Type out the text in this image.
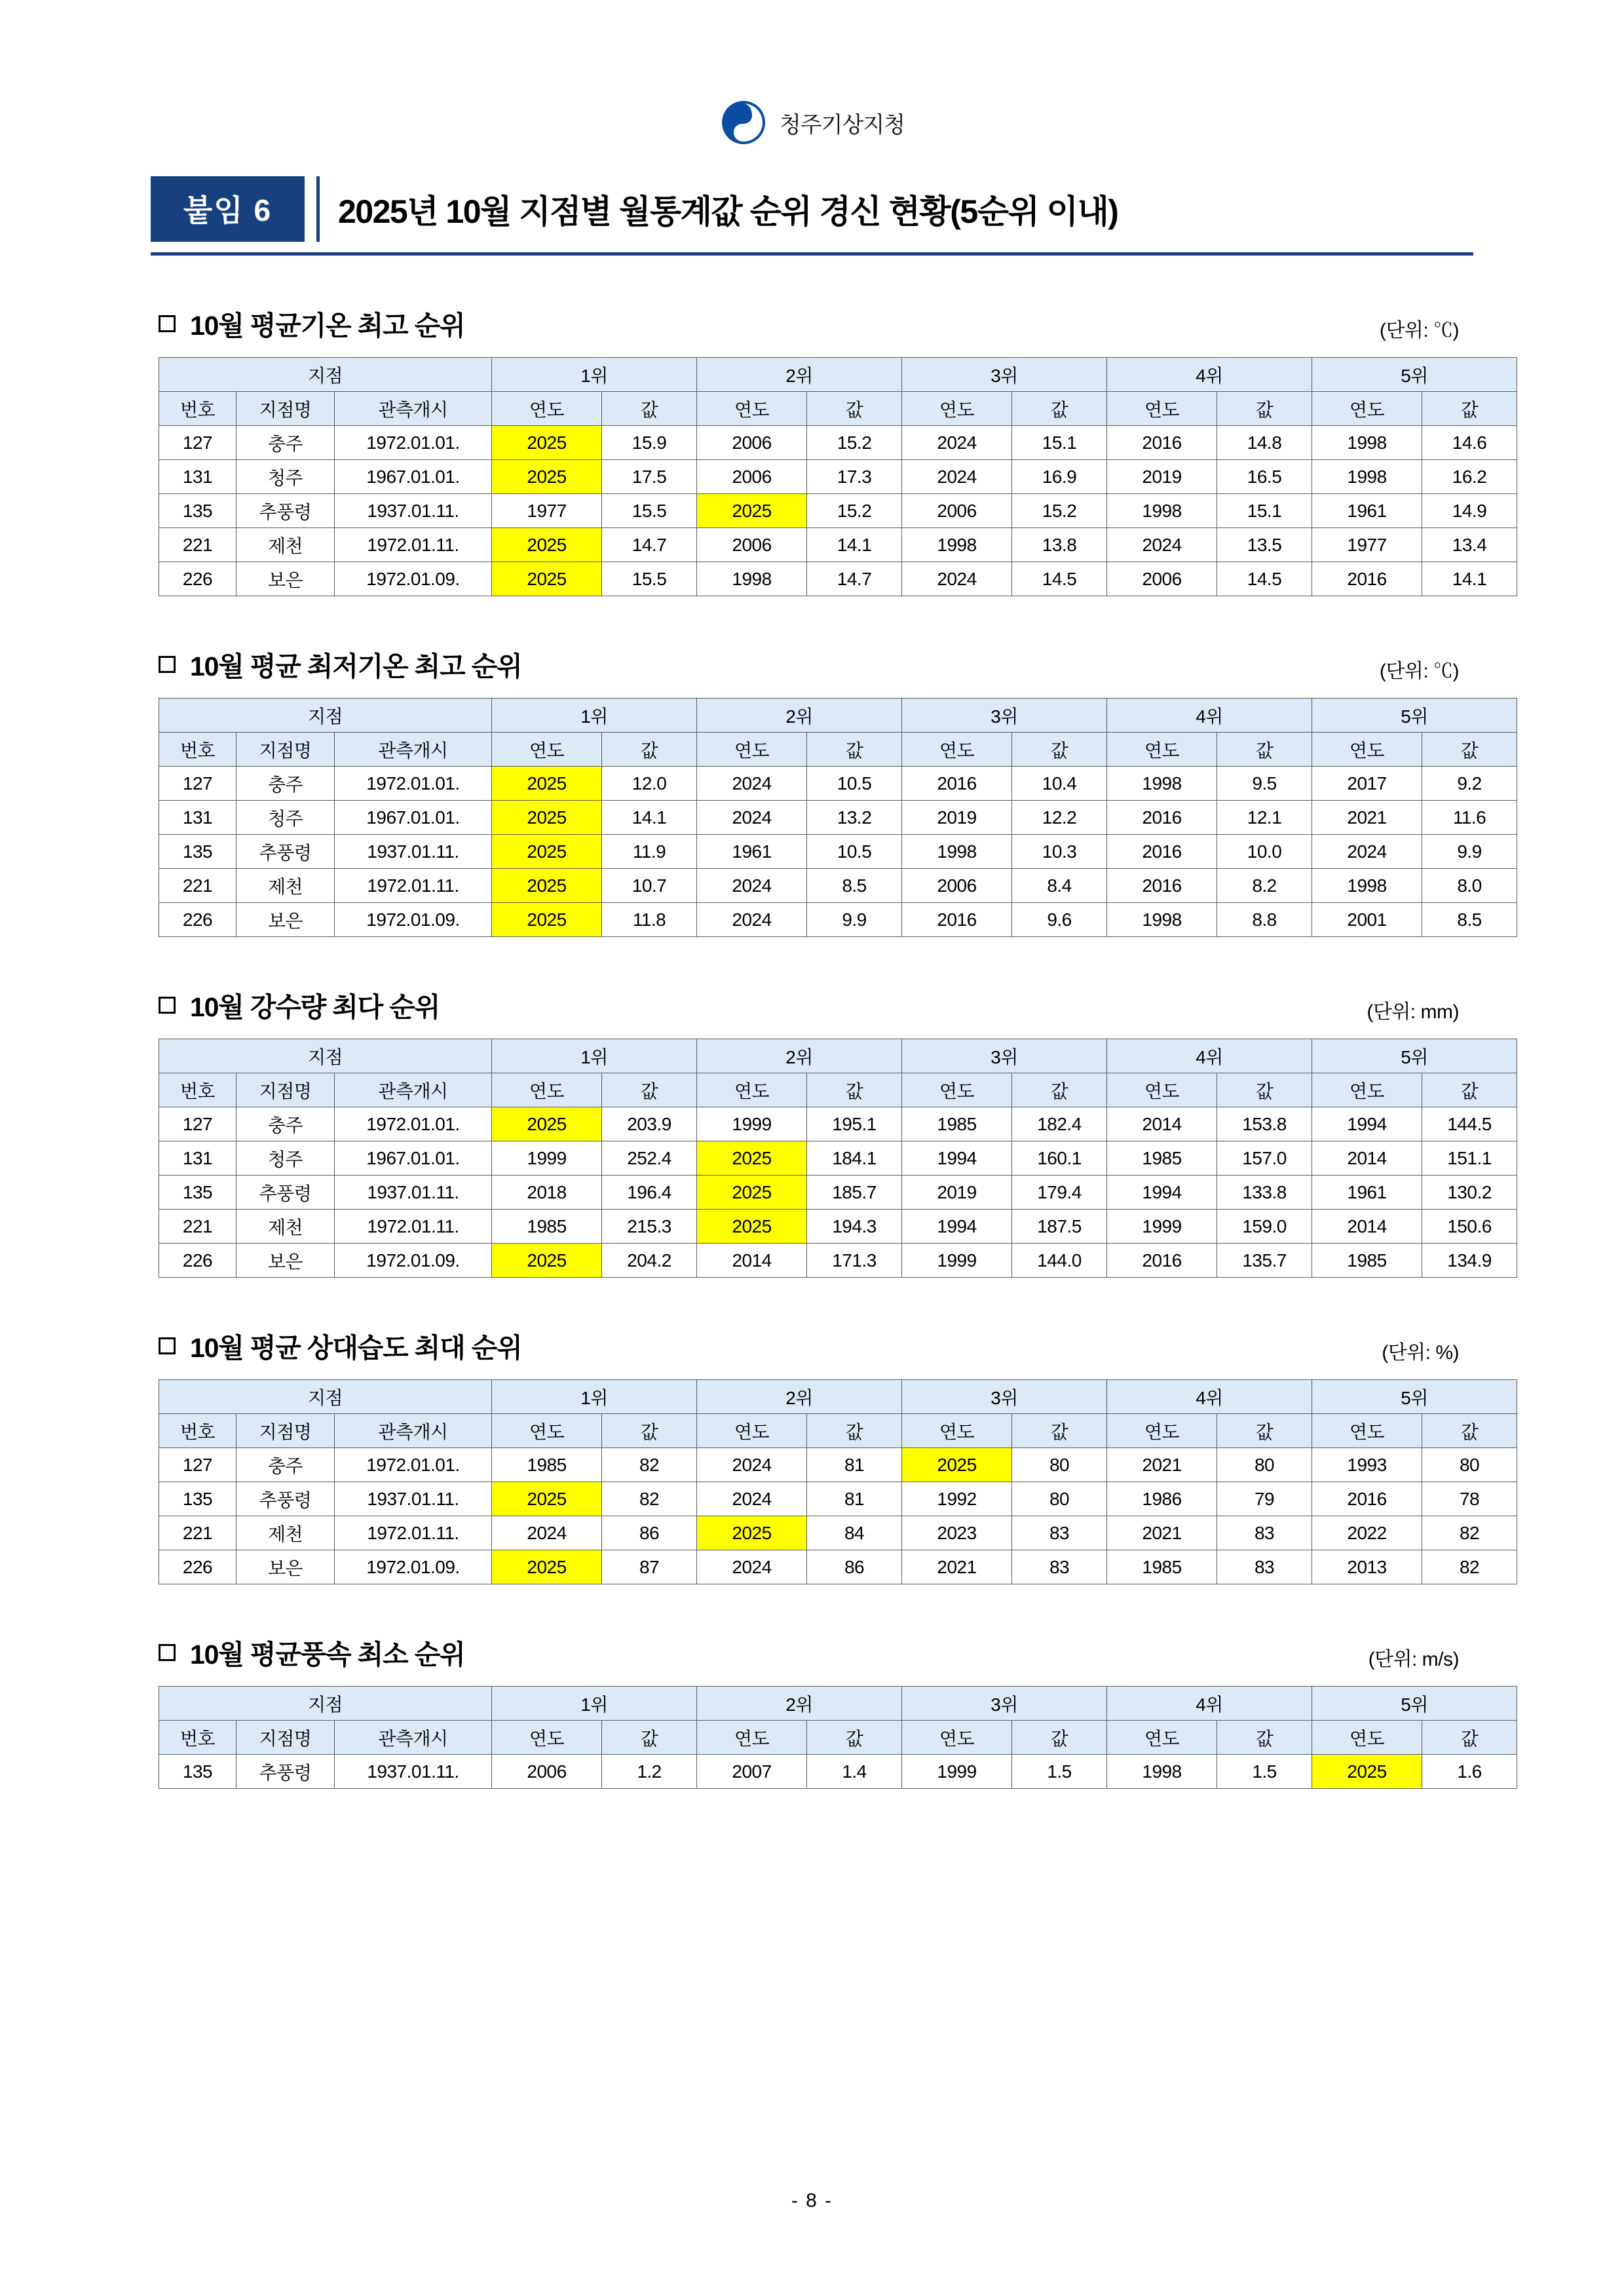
청주기상지청
붙임 6	2025년 10월 지점별 월통계값 순위 경신 현황(5순위 이내)
10월 평균기온 최고 순위	(단위: ℃)
지점			1위		2위		3위		4위		5위	
번호	지점명	관측개시	연도	값	연도	값	연도	값	연도	값	연도	값
127	충주	1972.01.01.	2025	15.9	2006	15.2	2024	15.1	2016	14.8	1998	14.6
131	청주	1967.01.01.	2025	17.5	2006	17.3	2024	16.9	2019	16.5	1998	16.2
135	추풍령	1937.01.11.	1977	15.5	2025	15.2	2006	15.2	1998	15.1	1961	14.9
221	제천	1972.01.11.	2025	14.7	2006	14.1	1998	13.8	2024	13.5	1977	13.4
226	보은	1972.01.09.	2025	15.5	1998	14.7	2024	14.5	2006	14.5	2016	14.1
10월 평균 최저기온 최고 순위	(단위: ℃)
지점			1위		2위		3위		4위		5위	
번호	지점명	관측개시	연도	값	연도	값	연도	값	연도	값	연도	값
127	충주	1972.01.01.	2025	12.0	2024	10.5	2016	10.4	1998	9.5	2017	9.2
131	청주	1967.01.01.	2025	14.1	2024	13.2	2019	12.2	2016	12.1	2021	11.6
135	추풍령	1937.01.11.	2025	11.9	1961	10.5	1998	10.3	2016	10.0	2024	9.9
221	제천	1972.01.11.	2025	10.7	2024	8.5	2006	8.4	2016	8.2	1998	8.0
226	보은	1972.01.09.	2025	11.8	2024	9.9	2016	9.6	1998	8.8	2001	8.5
10월 강수량 최다 순위	(단위: mm)
지점			1위		2위		3위		4위		5위	
번호	지점명	관측개시	연도	값	연도	값	연도	값	연도	값	연도	값
127	충주	1972.01.01.	2025	203.9	1999	195.1	1985	182.4	2014	153.8	1994	144.5
131	청주	1967.01.01.	1999	252.4	2025	184.1	1994	160.1	1985	157.0	2014	151.1
135	추풍령	1937.01.11.	2018	196.4	2025	185.7	2019	179.4	1994	133.8	1961	130.2
221	제천	1972.01.11.	1985	215.3	2025	194.3	1994	187.5	1999	159.0	2014	150.6
226	보은	1972.01.09.	2025	204.2	2014	171.3	1999	144.0	2016	135.7	1985	134.9
10월 평균 상대습도 최대 순위	(단위: %)
지점			1위		2위		3위		4위		5위	
번호	지점명	관측개시	연도	값	연도	값	연도	값	연도	값	연도	값
127	충주	1972.01.01.	1985	82	2024	81	2025	80	2021	80	1993	80
135	추풍령	1937.01.11.	2025	82	2024	81	1992	80	1986	79	2016	78
221	제천	1972.01.11.	2024	86	2025	84	2023	83	2021	83	2022	82
226	보은	1972.01.09.	2025	87	2024	86	2021	83	1985	83	2013	82
10월 평균풍속 최소 순위	(단위: m/s)
지점			1위		2위		3위		4위		5위	
번호	지점명	관측개시	연도	값	연도	값	연도	값	연도	값	연도	값
135	추풍령	1937.01.11.	2006	1.2	2007	1.4	1999	1.5	1998	1.5	2025	1.6
- 8 -
